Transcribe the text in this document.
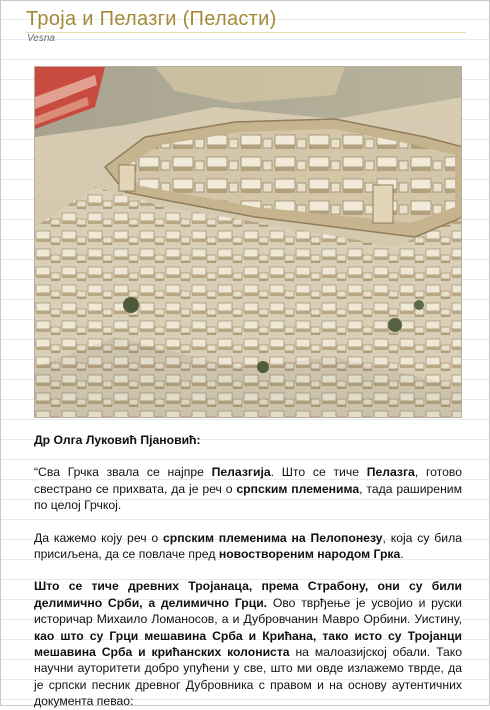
Троја и Пелазги (Пеласти)
Vesna

Др Олга Луковић Пјановић:

“Сва Грчка звала се најпре Пелазгија. Што се тиче Пелазга, готово свестрано се прихвата, да је реч о српским племенима, тада раширеним по целој Грчкој.

Да кажемо коју реч о српским племенима на Пелопонезу, која су била присиљена, да се повлаче пред новоствореним народом Грка.

Што се тиче древних Тројанаца, према Страбону, они су били делимично Срби, а делимично Грци. Ово тврђење је усвојио и руски историчар Михаило Ломаносов, а и Дубровчанин Мавро Орбини. Уистину, као што су Грци мешавина Срба и Крићана, тако исто су Тројанци мешавина Срба и крићанских колониста на малоазијској обали. Тако научни ауторитети добро упућени у све, што ми овде излажемо тврде, да је српски песник древног Дубровника с правом и на основу аутентичних документа певао:
